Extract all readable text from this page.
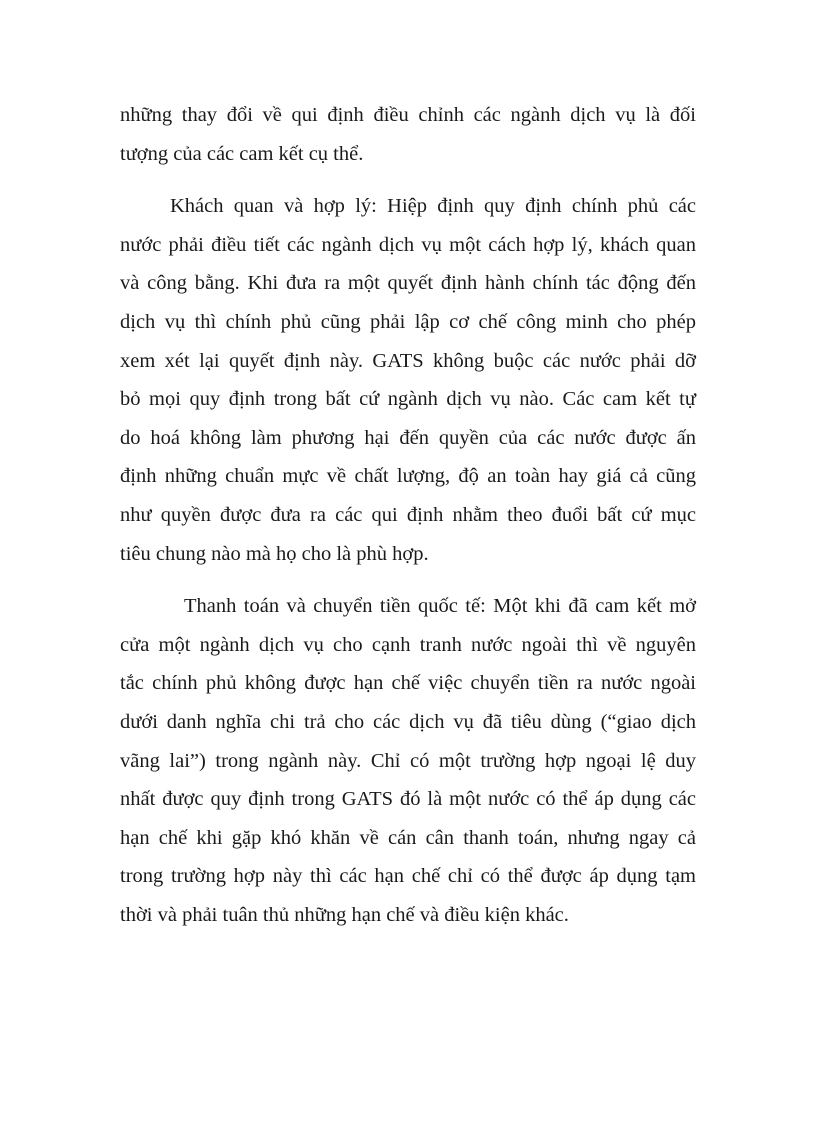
những thay đổi về qui định điều chỉnh các ngành dịch vụ là đối
tượng của các cam kết cụ thể.
Khách quan và hợp lý: Hiệp định quy định chính phủ các
nước phải điều tiết các ngành dịch vụ một cách hợp lý, khách quan
và công bằng. Khi đưa ra một quyết định hành chính tác động đến
dịch vụ thì chính phủ cũng phải lập cơ chế công minh cho phép
xem xét lại quyết định này. GATS không buộc các nước phải dỡ
bỏ mọi quy định trong bất cứ ngành dịch vụ nào. Các cam kết tự
do hoá không làm phương hại đến quyền của các nước được ấn
định những chuẩn mực về chất lượng, độ an toàn hay giá cả cũng
như quyền được đưa ra các qui định nhằm theo đuổi bất cứ mục
tiêu chung nào mà họ cho là phù hợp.
Thanh toán và chuyển tiền quốc tế: Một khi đã cam kết mở
cửa một ngành dịch vụ cho cạnh tranh nước ngoài thì về nguyên
tắc chính phủ không được hạn chế việc chuyển tiền ra nước ngoài
dưới danh nghĩa chi trả cho các dịch vụ đã tiêu dùng (“giao dịch
vãng lai”) trong ngành này. Chỉ có một trường hợp ngoại lệ duy
nhất được quy định trong GATS đó là một nước có thể áp dụng các
hạn chế khi gặp khó khăn về cán cân thanh toán, nhưng ngay cả
trong trường hợp này thì các hạn chế chỉ có thể được áp dụng tạm
thời và phải tuân thủ những hạn chế và điều kiện khác.
